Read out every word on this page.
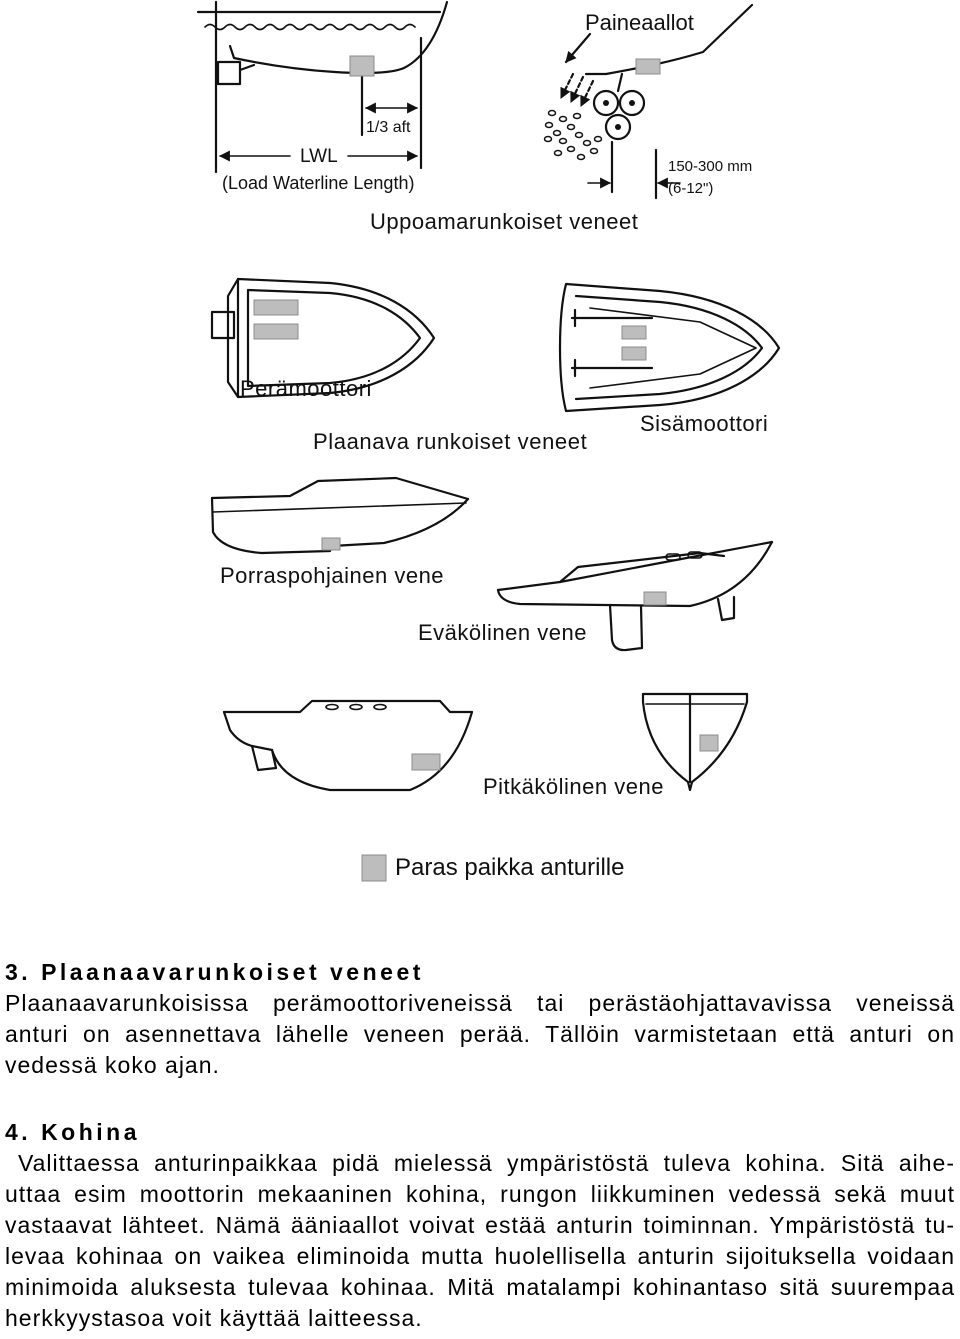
1/3 aft
LWL
(Load Waterline Length)
Paineaallot
150-300 mm
(6-12")
Uppoamarunkoiset veneet
Perämoottori
Sisämoottori
Plaanava runkoiset veneet
Porraspohjainen vene
Eväkölinen vene
Pitkäkölinen vene
Paras paikka anturille
3. Plaanaavarunkoiset veneet
Plaanaavarunkoisissa perämoottoriveneissä tai perästäohjattavavissa veneissä
anturi on asennettava lähelle veneen perää. Tällöin varmistetaan että anturi on
vedessä koko ajan.
4. Kohina
Valittaessa anturinpaikkaa pidä mielessä ympäristöstä tuleva kohina. Sitä aihe-
uttaa esim moottorin mekaaninen kohina, rungon liikkuminen vedessä sekä muut
vastaavat lähteet. Nämä ääniaallot voivat estää anturin toiminnan. Ympäristöstä tu-
levaa kohinaa on vaikea eliminoida mutta huolellisella anturin sijoituksella voidaan
minimoida aluksesta tulevaa kohinaa. Mitä matalampi kohinantaso sitä suurempaa
herkkyystasoa voit käyttää laitteessa.
